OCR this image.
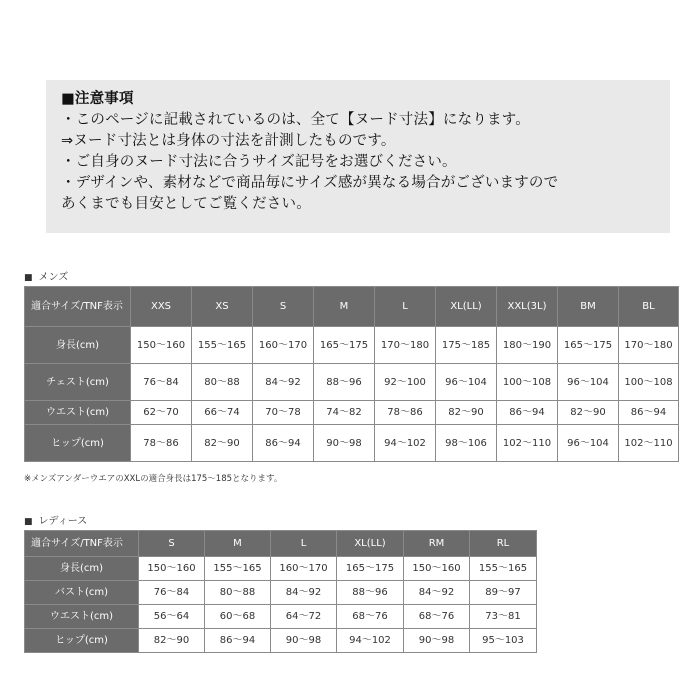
■注意事項
・このページに記載されているのは、全て【ヌード寸法】になります。
⇒ヌード寸法とは身体の寸法を計測したものです。
・ご自身のヌード寸法に合うサイズ記号をお選びください。
・デザインや、素材などで商品毎にサイズ感が異なる場合がございますので
あくまでも目安としてご覧ください。
■ メンズ
適合サイズ/TNF表示	XXS	XS	S	M	L	XL(LL)	XXL(3L)	BM	BL
身長(cm)	150～160	155～165	160～170	165～175	170～180	175～185	180～190	165～175	170～180
チェスト(cm)	76～84	80～88	84～92	88～96	92～100	96～104	100～108	96～104	100～108
ウエスト(cm)	62～70	66～74	70～78	74～82	78～86	82～90	86～94	82～90	86～94
ヒップ(cm)	78～86	82～90	86～94	90～98	94～102	98～106	102～110	96～104	102～110
※メンズアンダーウエアのXXLの適合身長は175～185となります。
■ レディース
適合サイズ/TNF表示	S	M	L	XL(LL)	RM	RL
身長(cm)	150～160	155～165	160～170	165～175	150～160	155～165
バスト(cm)	76～84	80～88	84～92	88～96	84～92	89～97
ウエスト(cm)	56～64	60～68	64～72	68～76	68～76	73～81
ヒップ(cm)	82～90	86～94	90～98	94～102	90～98	95～103
